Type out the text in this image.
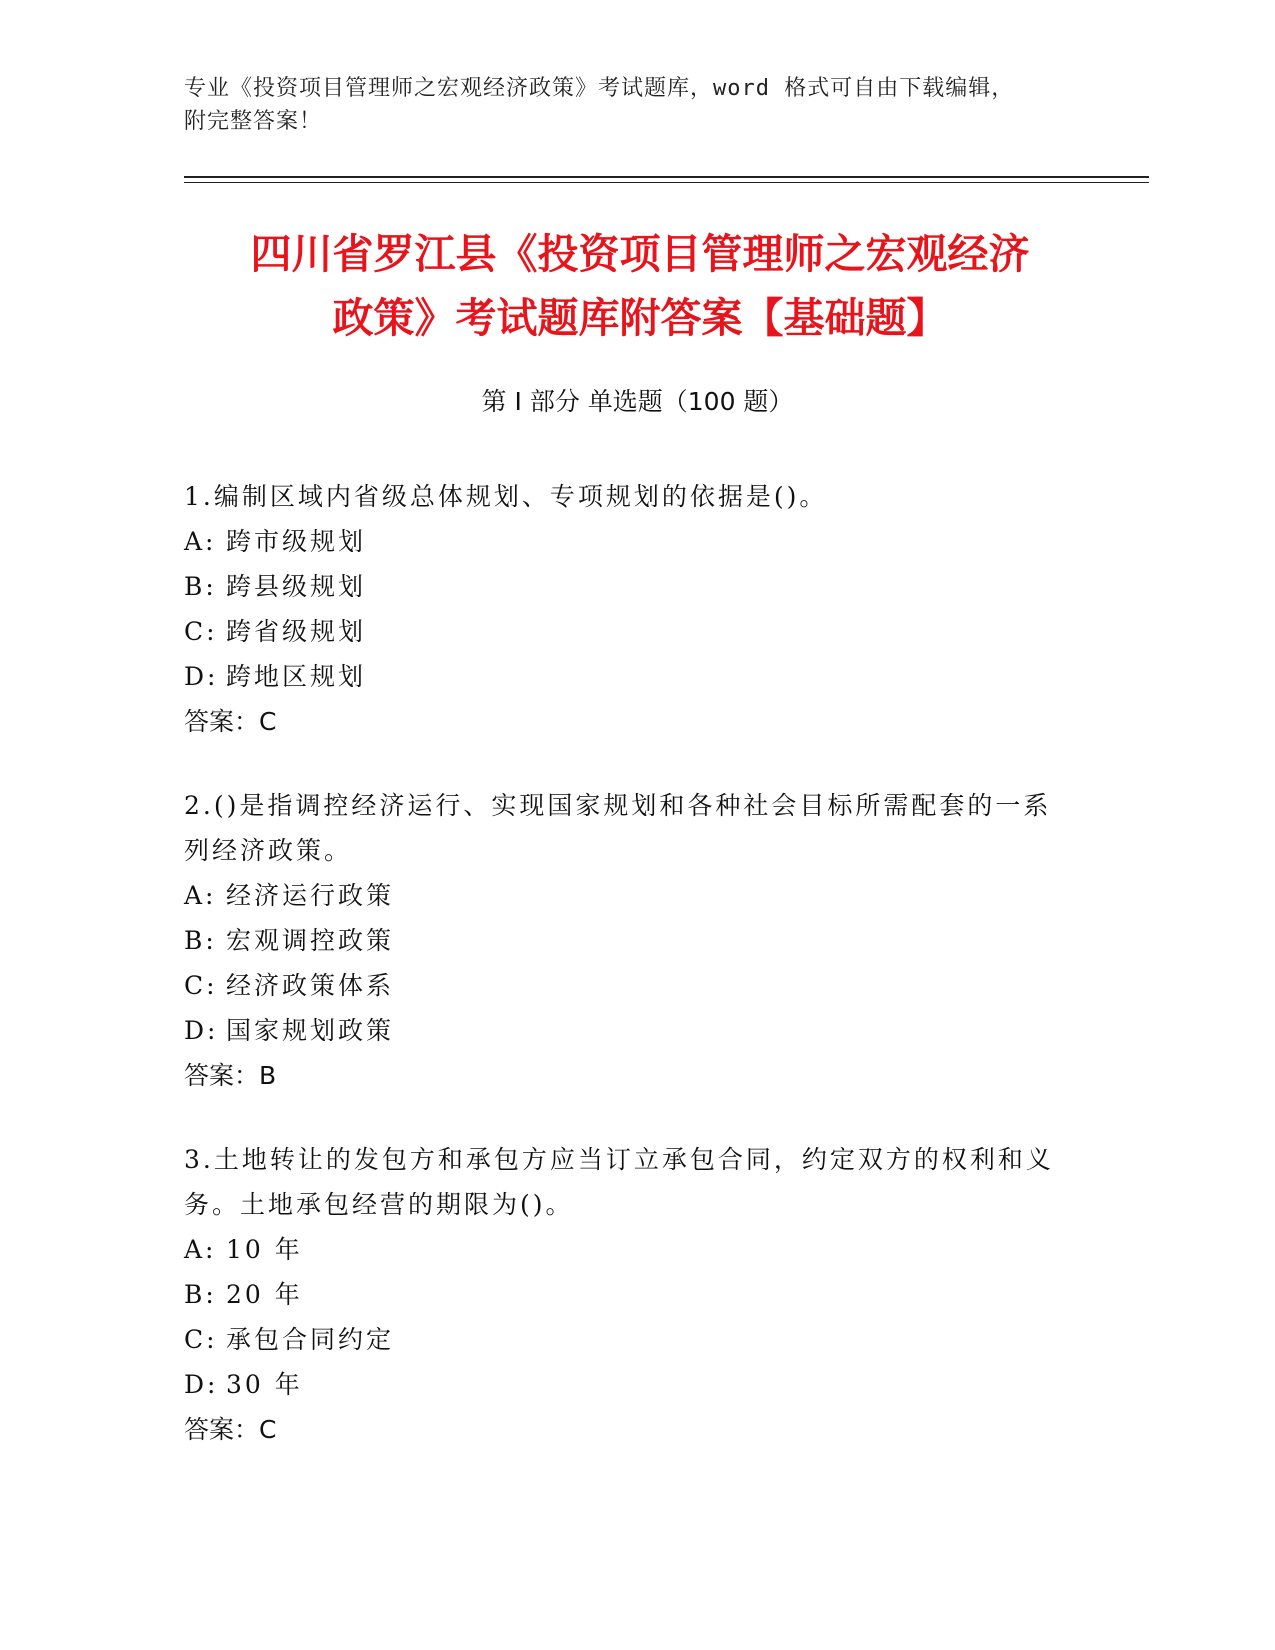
专业《投资项目管理师之宏观经济政策》考试题库，word 格式可自由下载编辑，
附完整答案！
四川省罗江县《投资项目管理师之宏观经济
政策》考试题库附答案【基础题】
第 I 部分 单选题（100 题）

1.编制区域内省级总体规划、专项规划的依据是()。

A: 跨市级规划

B: 跨县级规划

C: 跨省级规划

D: 跨地区规划

答案：C

2.()是指调控经济运行、实现国家规划和各种社会目标所需配套的一系列经济政策。

A: 经济运行政策

B: 宏观调控政策

C: 经济政策体系

D: 国家规划政策

答案：B

3.土地转让的发包方和承包方应当订立承包合同，约定双方的权利和义务。土地承包经营的期限为()。

A: 10 年

B: 20 年

C: 承包合同约定

D: 30 年

答案：C
